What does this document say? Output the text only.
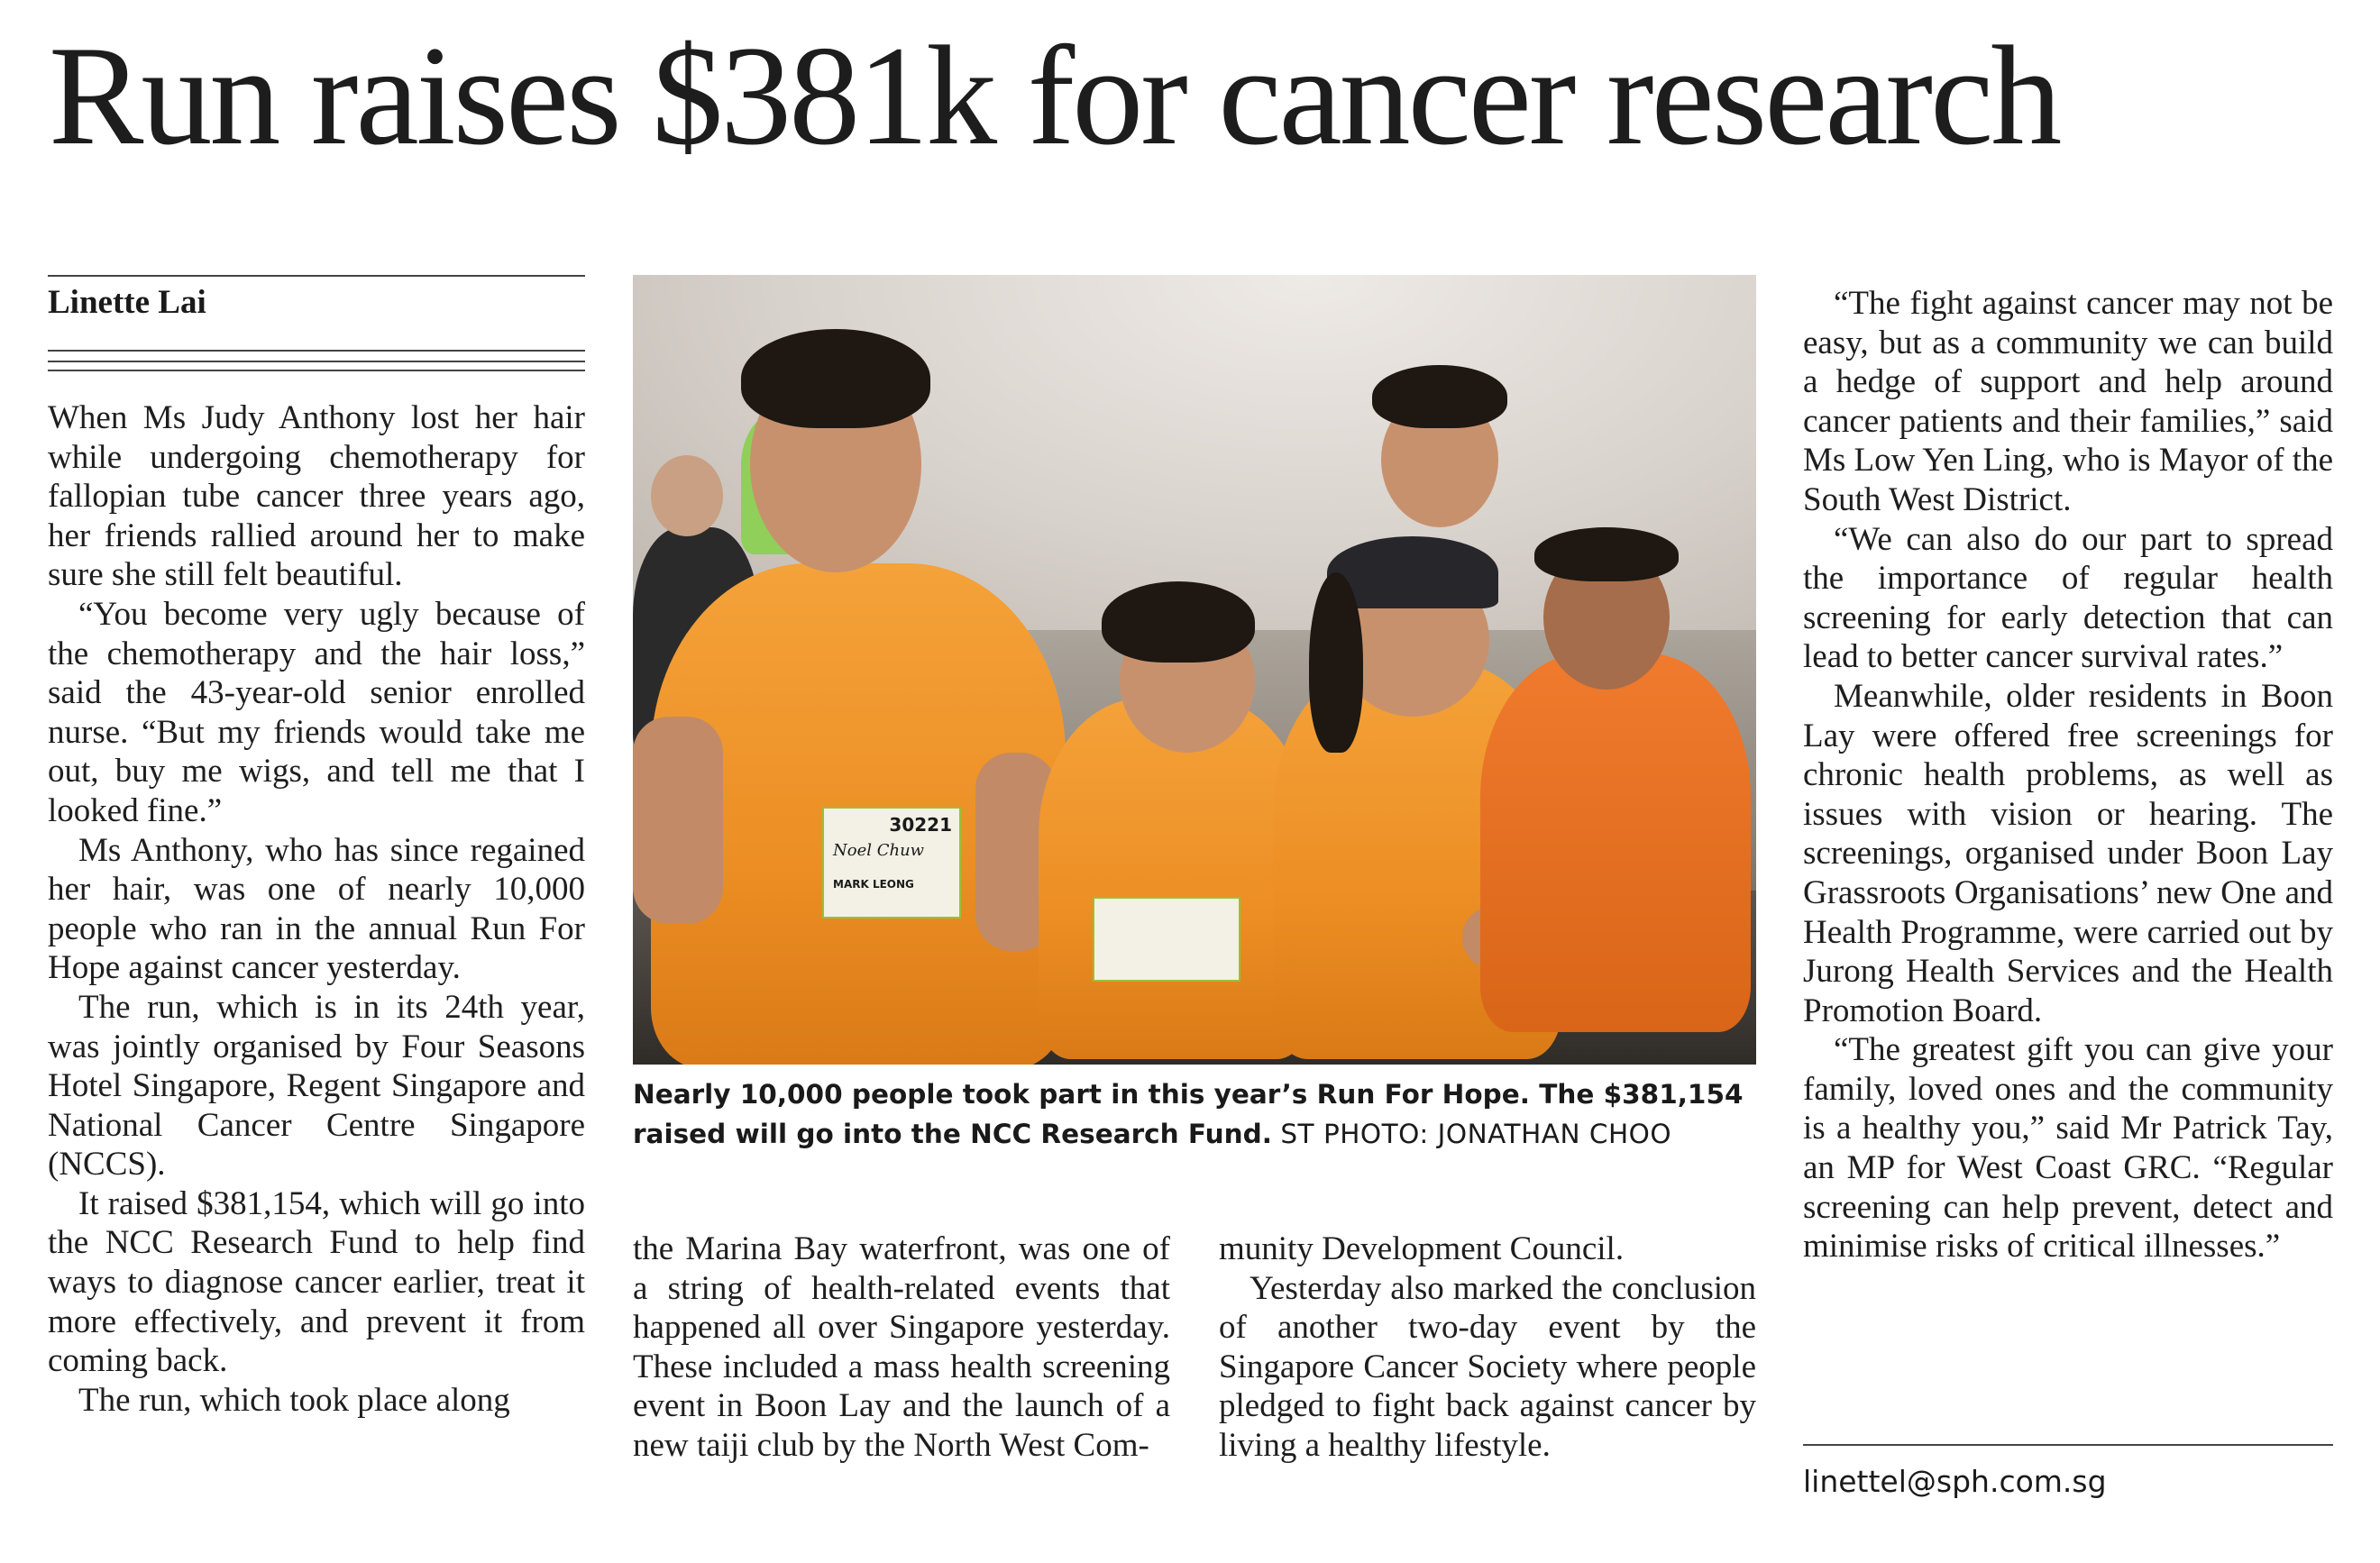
Run raises $381k for cancer research
Linette Lai

When Ms Judy Anthony lost her hair while undergoing chemotherapy for fallopian tube cancer three years ago, her friends rallied around her to make sure she still felt beautiful.

“You become very ugly because of the chemotherapy and the hair loss,” said the 43-year-old senior enrolled nurse. “But my friends would take me out, buy me wigs, and tell me that I looked fine.”

Ms Anthony, who has since regained her hair, was one of nearly 10,000 people who ran in the annual Run For Hope against cancer yesterday.

The run, which is in its 24th year, was jointly organised by Four Seasons Hotel Singapore, Regent Singapore and National Cancer Centre Singapore (NCCS).

It raised $381,154, which will go into the NCC Research Fund to help find ways to diagnose cancer earlier, treat it more effectively, and prevent it from coming back.

The run, which took place along

30221
Noel Chuw
MARK LEONG
Nearly 10,000 people took part in this year’s Run For Hope. The $381,154 raised will go into the NCC Research Fund. ST PHOTO: JONATHAN CHOO

the Marina Bay waterfront, was one of a string of health-related events that happened all over Singapore yesterday. These included a mass health screening event in Boon Lay and the launch of a new taiji club by the North West Com-

munity Development Council.

Yesterday also marked the conclusion of another two-day event by the Singapore Cancer Society where people pledged to fight back against cancer by living a healthy lifestyle.

“The fight against cancer may not be easy, but as a community we can build a hedge of support and help around cancer patients and their families,” said Ms Low Yen Ling, who is Mayor of the South West District.

“We can also do our part to spread the importance of regular health screening for early detection that can lead to better cancer survival rates.”

Meanwhile, older residents in Boon Lay were offered free screenings for chronic health problems, as well as issues with vision or hearing. The screenings, organised under Boon Lay Grassroots Organisations’ new One and Health Programme, were carried out by Jurong Health Services and the Health Promotion Board.

“The greatest gift you can give your family, loved ones and the community is a healthy you,” said Mr Patrick Tay, an MP for West Coast GRC. “Regular screening can help prevent, detect and minimise risks of critical illnesses.”

linettel@sph.com.sg
